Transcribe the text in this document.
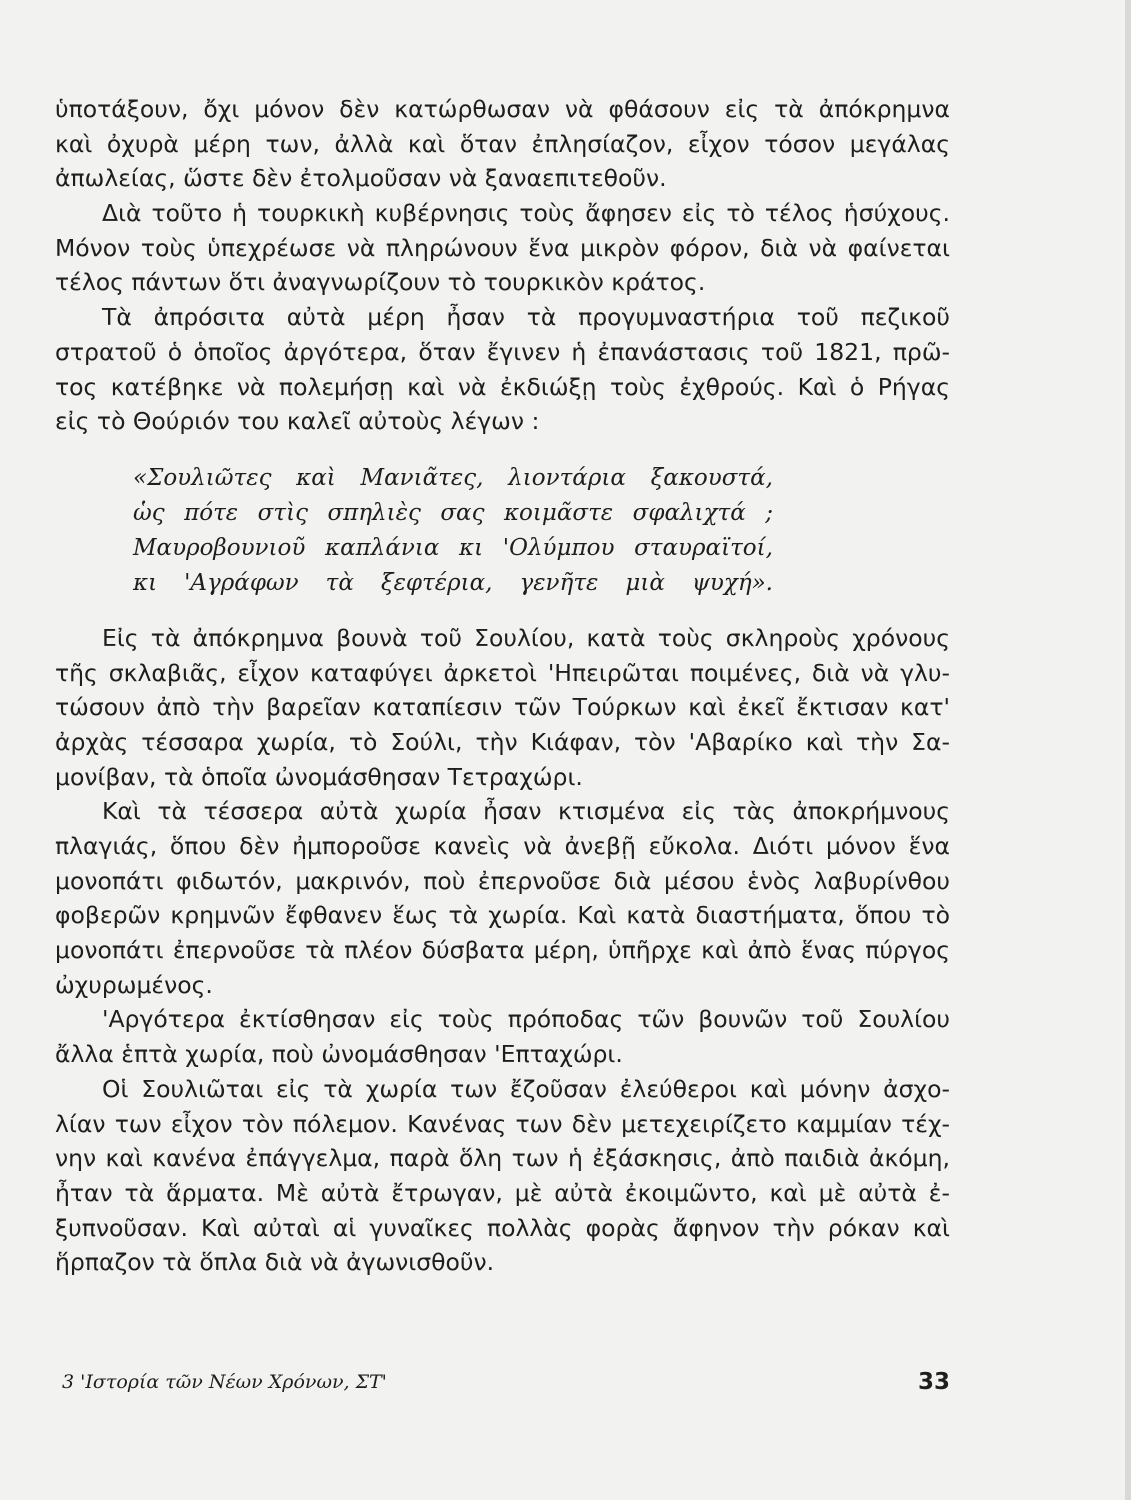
ὑποτάξουν, ὄχι μόνον δὲν κατώρθωσαν νὰ φθάσουν εἰς τὰ ἀπόκρημνα
καὶ ὀχυρὰ μέρη των, ἀλλὰ καὶ ὅταν ἐπλησίαζον, εἶχον τόσον μεγάλας
ἀπωλείας, ὥστε δὲν ἐτολμοῦσαν νὰ ξαναεπιτεθοῦν.
  Διὰ τοῦτο ἡ τουρκικὴ κυβέρνησις τοὺς ἄφησεν εἰς τὸ τέλος ἡσύχους.
Μόνον τοὺς ὑπεχρέωσε νὰ πληρώνουν ἕνα μικρὸν φόρον, διὰ νὰ φαίνεται
τέλος πάντων ὅτι ἀναγνωρίζουν τὸ τουρκικὸν κράτος.
  Τὰ ἀπρόσιτα αὐτὰ μέρη ἦσαν τὰ προγυμναστήρια τοῦ πεζικοῦ
στρατοῦ ὁ ὁποῖος ἀργότερα, ὅταν ἔγινεν ἡ ἐπανάστασις τοῦ 1821, πρῶ-
τος κατέβηκε νὰ πολεμήσῃ καὶ νὰ ἐκδιώξῃ τοὺς ἐχθρούς. Καὶ ὁ Ρήγας
εἰς τὸ Θούριόν του καλεῖ αὐτοὺς λέγων :
«Σουλιῶτες καὶ Μανιᾶτες, λιοντάρια ξακουστά,
ὡς πότε στὶς σπηλιὲς σας κοιμᾶστε σφαλιχτά ;
Μαυροβουνιοῦ καπλάνια κι 'Ολύμπου σταυραϊτοί,
κι 'Αγράφων τὰ ξεφτέρια, γενῆτε μιὰ ψυχή».
  Εἰς τὰ ἀπόκρημνα βουνὰ τοῦ Σουλίου, κατὰ τοὺς σκληροὺς χρόνους
τῆς σκλαβιᾶς, εἶχον καταφύγει ἀρκετοὶ 'Ηπειρῶται ποιμένες, διὰ νὰ γλυ-
τώσουν ἀπὸ τὴν βαρεῖαν καταπίεσιν τῶν Τούρκων καὶ ἐκεῖ ἔκτισαν κατ'
ἀρχὰς τέσσαρα χωρία, τὸ Σούλι, τὴν Κιάφαν, τὸν 'Αβαρίκο καὶ τὴν Σα-
μονίβαν, τὰ ὁποῖα ὠνομάσθησαν Τετραχώρι.
  Καὶ τὰ τέσσερα αὐτὰ χωρία ἦσαν κτισμένα εἰς τὰς ἀποκρήμνους
πλαγιάς, ὅπου δὲν ἠμποροῦσε κανεὶς νὰ ἀνεβῇ εὔκολα. Διότι μόνον ἕνα
μονοπάτι φιδωτόν, μακρινόν, ποὺ ἐπερνοῦσε διὰ μέσου ἑνὸς λαβυρίνθου
φοβερῶν κρημνῶν ἔφθανεν ἕως τὰ χωρία. Καὶ κατὰ διαστήματα, ὅπου τὸ
μονοπάτι ἐπερνοῦσε τὰ πλέον δύσβατα μέρη, ὑπῆρχε καὶ ἀπὸ ἕνας πύργος
ὠχυρωμένος.
  'Αργότερα ἐκτίσθησαν εἰς τοὺς πρόποδας τῶν βουνῶν τοῦ Σουλίου
ἄλλα ἑπτὰ χωρία, ποὺ ὠνομάσθησαν 'Επταχώρι.
  Οἱ Σουλιῶται εἰς τὰ χωρία των ἔζοῦσαν ἐλεύθεροι καὶ μόνην ἀσχο-
λίαν των εἶχον τὸν πόλεμον. Κανένας των δὲν μετεχειρίζετο καμμίαν τέχ-
νην καὶ κανένα ἐπάγγελμα, παρὰ ὅλη των ἡ ἐξάσκησις, ἀπὸ παιδιὰ ἀκόμη,
ἦταν τὰ ἅρματα. Μὲ αὐτὰ ἔτρωγαν, μὲ αὐτὰ ἐκοιμῶντο, καὶ μὲ αὐτὰ ἐ-
ξυπνοῦσαν. Καὶ αὐταὶ αἱ γυναῖκες πολλὰς φορὰς ἄφηνον τὴν ρόκαν καὶ
ἥρπαζον τὰ ὅπλα διὰ νὰ ἀγωνισθοῦν.
3 'Ιστορία τῶν Νέων Χρόνων, ΣΤ'	33
